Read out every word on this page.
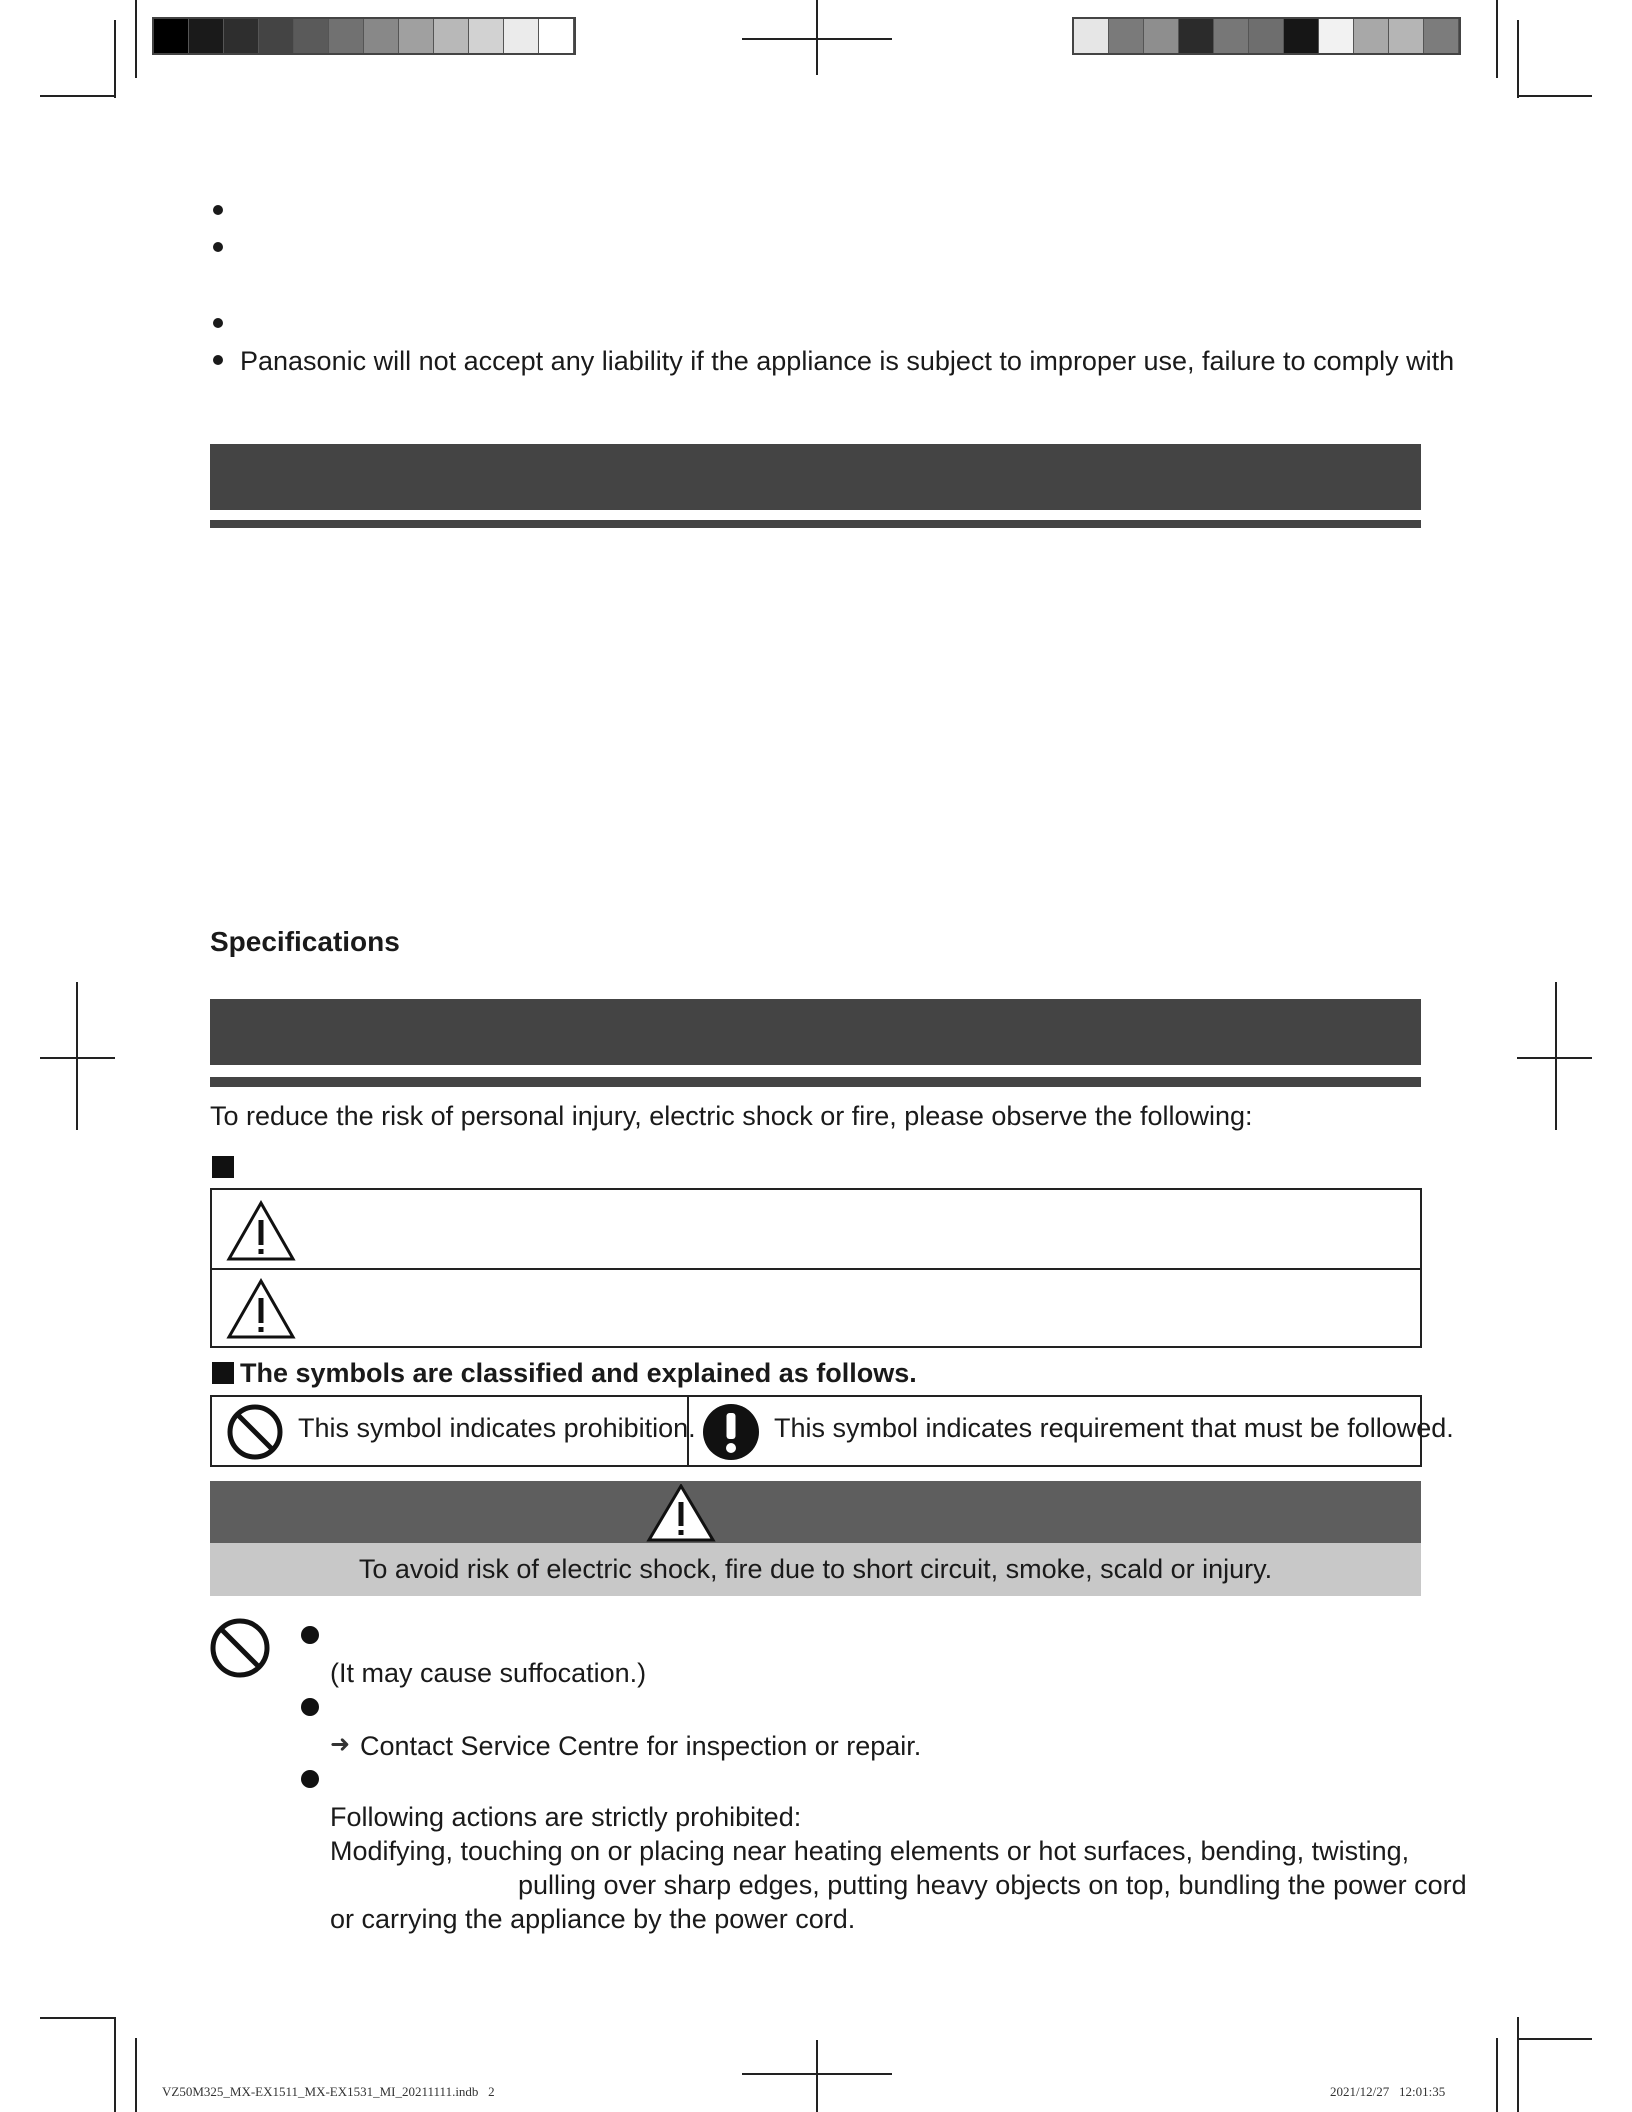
Panasonic will not accept any liability if the appliance is subject to improper use, failure to comply with
Specifications
To reduce the risk of personal injury, electric shock or fire, please observe the following:
The symbols are classified and explained as follows.
This symbol indicates prohibition.	This symbol indicates requirement that must be followed.
To avoid risk of electric shock, fire due to short circuit, smoke, scald or injury.
(It may cause suffocation.)
➜ Contact Service Centre for inspection or repair.
Following actions are strictly prohibited:
Modifying, touching on or placing near heating elements or hot surfaces, bending, twisting,
pulling over sharp edges, putting heavy objects on top, bundling the power cord
or carrying the appliance by the power cord.
VZ50M325_MX-EX1511_MX-EX1531_MI_20211111.indb   2	2021/12/27   12:01:35
